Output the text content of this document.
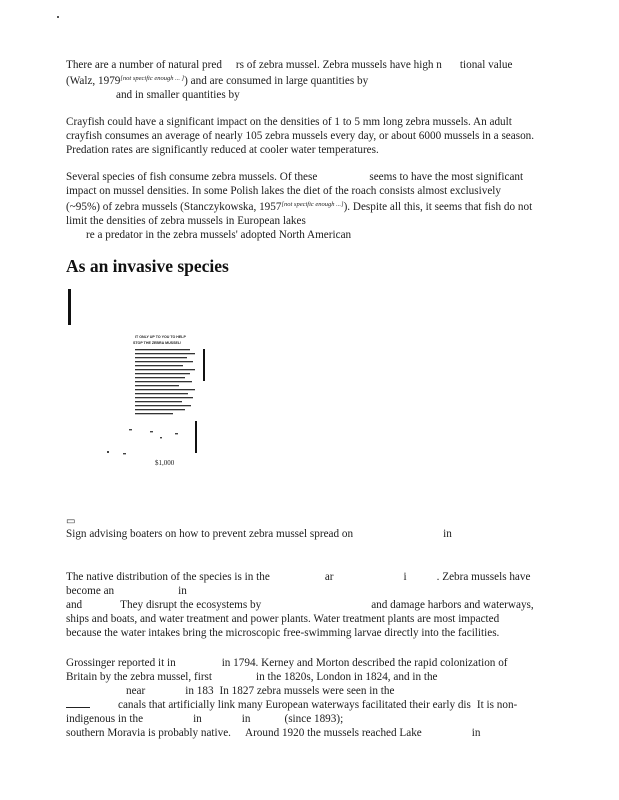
There are a number of natural pred rs of zebra mussel. Zebra mussels have high n tional value (Walz, 1979[not specific enough ... ]) and are consumed in large quantities by
and in smaller quantities by

Crayfish could have a significant impact on the densities of 1 to 5 mm long zebra mussels. An adult crayfish consumes an average of nearly 105 zebra mussels every day, or about 6000 mussels in a season. Predation rates are significantly reduced at cooler water temperatures.

Several species of fish consume zebra mussels. Of these	seems to have the most significant impact on mussel densities. In some Polish lakes the diet of the roach consists almost exclusively (~95%) of zebra mussels (Stanczykowska, 1957[not specific enough ...]). Despite all this, it seems that fish do not limit the densities of zebra mussels in European lakes
re a predator in the zebra mussels' adopted North American

As an invasive species
IT ONLY UP TO YOU TO HELP
STOP THE ZEBRA MUSSEL!
$1,000
▭

Sign advising boaters on how to prevent zebra mussel spread on	in

The native distribution of the species is in the	ar	i	. Zebra mussels have become an	in
and	They disrupt the ecosystems by	and damage harbors and waterways, ships and boats, and water treatment and power plants. Water treatment plants are most impacted because the water intakes bring the microscopic free-swimming larvae directly into the facilities.

Grossinger reported it in	in 1794. Kerney and Morton described the rapid colonization of Britain by the zebra mussel, first	in the 1820s, London in 1824, and in the
near	in 183 In 1827 zebra mussels were seen in the
canals that artificially link many European waterways facilitated their early dis It is non-indigenous in the	in	in	(since 1893);
southern Moravia is probably native. Around 1920 the mussels reached Lake	in
